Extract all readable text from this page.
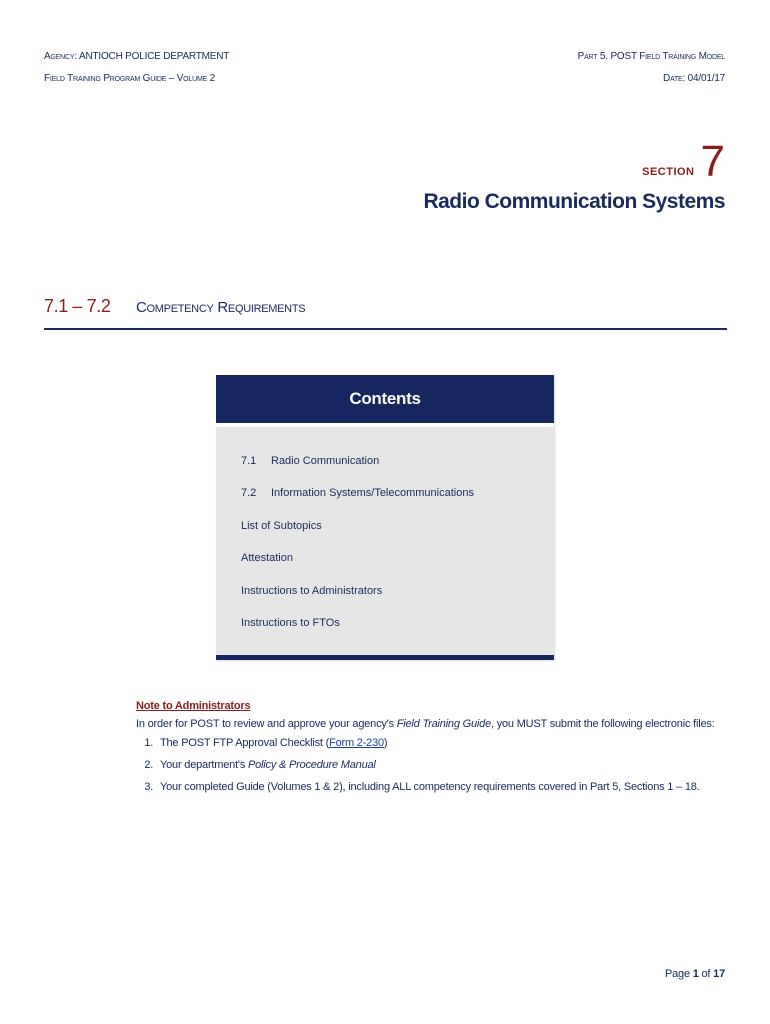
Agency: ANTIOCH POLICE DEPARTMENT
Field Training Program Guide – Volume 2
Part 5. POST Field Training Model
Date: 04/01/17
SECTION 7
Radio Communication Systems
7.1 – 7.2	Competency Requirements
Contents
7.1	Radio Communication
7.2	Information Systems/Telecommunications
List of Subtopics
Attestation
Instructions to Administrators
Instructions to FTOs
Note to Administrators
In order for POST to review and approve your agency's Field Training Guide, you MUST submit the following electronic files:
1. The POST FTP Approval Checklist (Form 2-230)
2. Your department's Policy & Procedure Manual
3. Your completed Guide (Volumes 1 & 2), including ALL competency requirements covered in Part 5, Sections 1 – 18.
Page 1 of 17
